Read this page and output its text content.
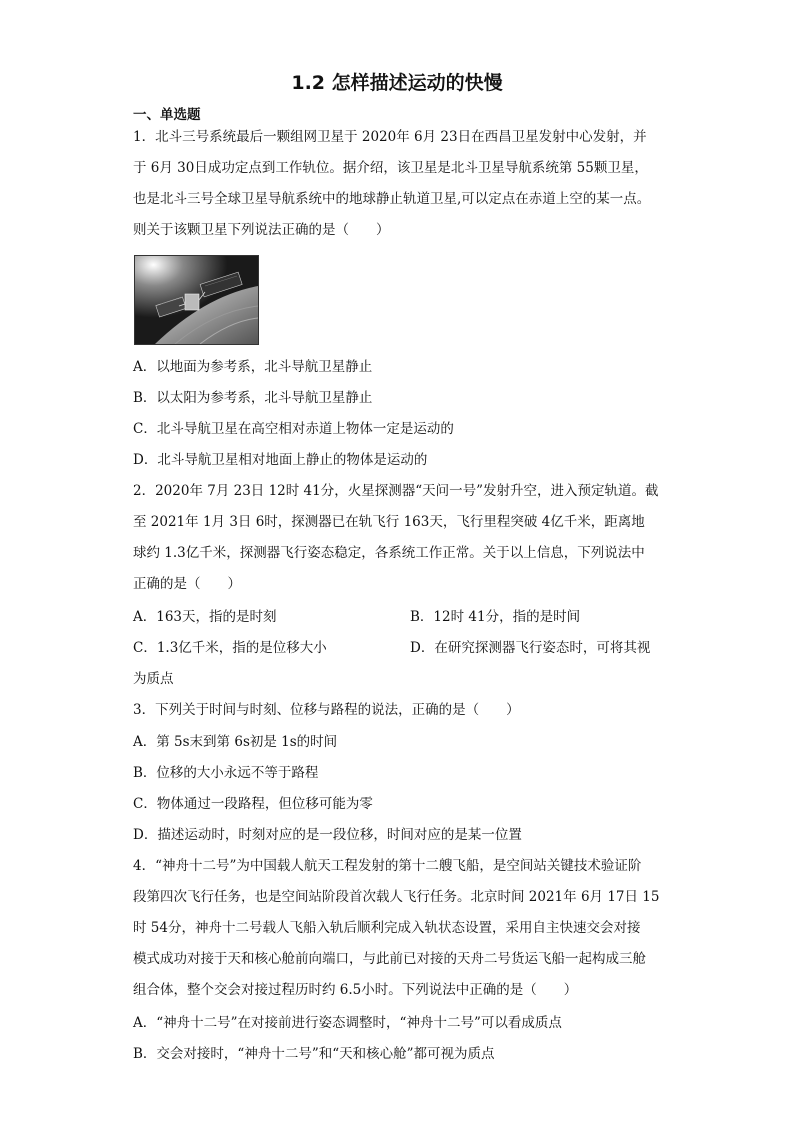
1.2 怎样描述运动的快慢
一、单选题

1．北斗三号系统最后一颗组网卫星于 2020年 6月 23日在西昌卫星发射中心发射，并

于 6月 30日成功定点到工作轨位。据介绍，该卫星是北斗卫星导航系统第 55颗卫星，

也是北斗三号全球卫星导航系统中的地球静止轨道卫星,可以定点在赤道上空的某一点。

则关于该颗卫星下列说法正确的是（　　）

A．以地面为参考系，北斗导航卫星静止

B．以太阳为参考系，北斗导航卫星静止

C．北斗导航卫星在高空相对赤道上物体一定是运动的

D．北斗导航卫星相对地面上静止的物体是运动的

2．2020年 7月 23日 12时 41分，火星探测器“天问一号”发射升空，进入预定轨道。截

至 2021年 1月 3日 6时，探测器已在轨飞行 163天，飞行里程突破 4亿千米，距离地

球约 1.3亿千米，探测器飞行姿态稳定，各系统工作正常。关于以上信息，下列说法中

正确的是（　　）

A．163天，指的是时刻	B．12时 41分，指的是时间

C．1.3亿千米，指的是位移大小	D．在研究探测器飞行姿态时，可将其视

为质点

3．下列关于时间与时刻、位移与路程的说法，正确的是（　　）

A．第 5s末到第 6s初是 1s的时间

B．位移的大小永远不等于路程

C．物体通过一段路程，但位移可能为零

D．描述运动时，时刻对应的是一段位移，时间对应的是某一位置

4．“神舟十二号”为中国载人航天工程发射的第十二艘飞船，是空间站关键技术验证阶

段第四次飞行任务，也是空间站阶段首次载人飞行任务。北京时间 2021年 6月 17日 15

时 54分，神舟十二号载人飞船入轨后顺利完成入轨状态设置，采用自主快速交会对接

模式成功对接于天和核心舱前向端口，与此前已对接的天舟二号货运飞船一起构成三舱

组合体，整个交会对接过程历时约 6.5小时。下列说法中正确的是（　　）

A．“神舟十二号”在对接前进行姿态调整时，“神舟十二号”可以看成质点

B．交会对接时，“神舟十二号”和“天和核心舱”都可视为质点
